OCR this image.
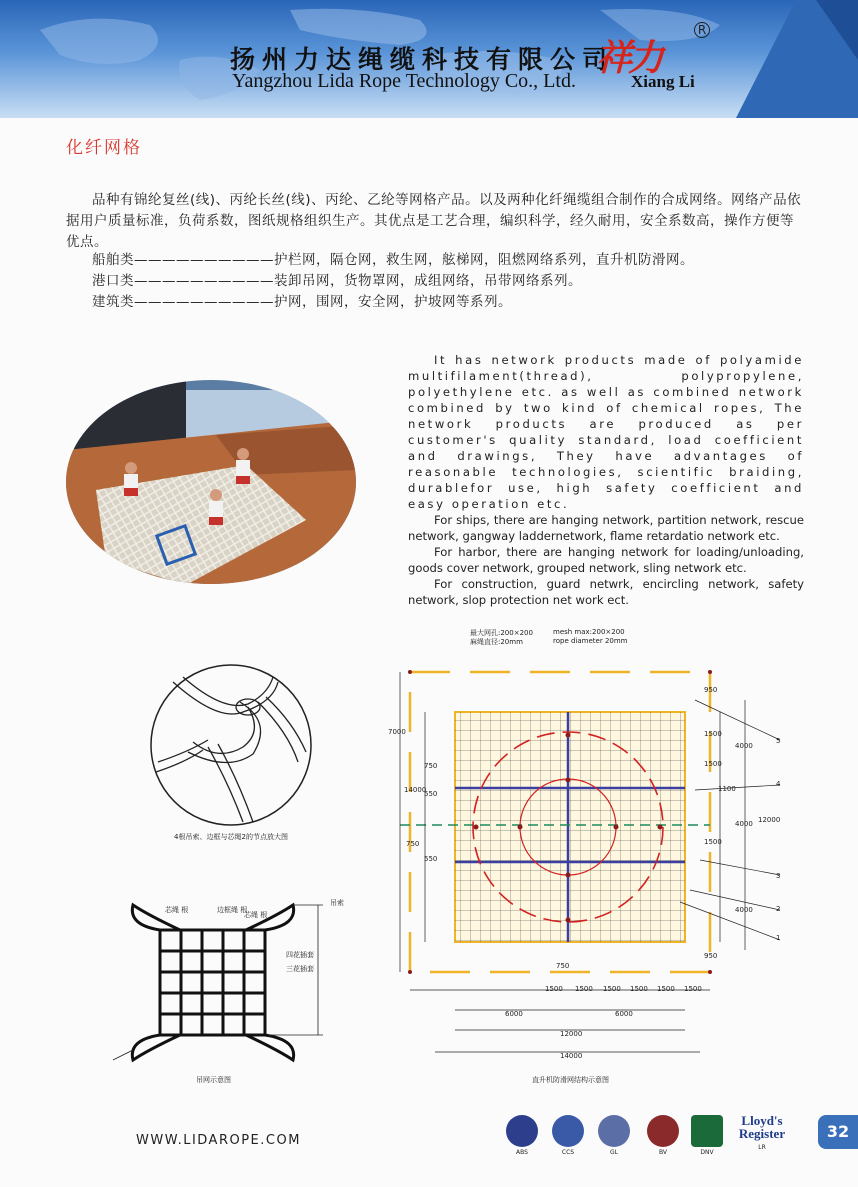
扬州力达绳缆科技有限公司
Yangzhou Lida Rope Technology Co., Ltd.
祥力
R
Xiang Li
化纤网格
品种有锦纶复丝(线)、丙纶长丝(线)、丙纶、乙纶等网格产品。以及两种化纤绳缆组合制作的合成网络。网络产品依据用户质量标准，负荷系数，图纸规格组织生产。其优点是工艺合理，编织科学，经久耐用，安全系数高，操作方便等优点。
船舶类——————————护栏网，隔仓网，救生网，舷梯网，阻燃网络系列，直升机防滑网。
港口类——————————装卸吊网，货物罩网，成组网络，吊带网络系列。
建筑类——————————护网，围网，安全网，护坡网等系列。

It has network products made of polyamide multifilament(thread), polypropylene, polyethylene etc. as well as combined network combined by two kind of chemical ropes, The network products are produced as per customer's quality standard, load coefficient and drawings, They have advantages of reasonable technologies, scientific braiding, durablefor use, high safety coefficient and easy operation etc.

For ships, there are hanging network, partition network, rescue network, gangway laddernetwork, flame retardatio network etc.

For harbor, there are hanging network for loading/unloading, goods cover network, grouped network, sling network etc.

For construction, guard netwrk, encircling network, safety network, slop protection net work ect.

4根吊索、边框与芯绳2的节点放大图
芯绳 根	边框绳 根
芯绳 根
吊索
四花插套
三花插套
吊网示意图
最大网孔:200×200
麻绳直径:20mm
mesh max:200×200
rope diameter 20mm
750
1500 1500 1500 1500 1500 1500
6000	6000
12000
14000
950
1500
1500
1100
1500
4000
4000
4000
12000
950
7000
14000
750
550
750
550
5
4
3
2
1
直升机防滑网结构示意图
WWW.LIDAROPE.COM
ABS	CCS	GL	BV	DNV
Lloyd's
Register
LR
32
